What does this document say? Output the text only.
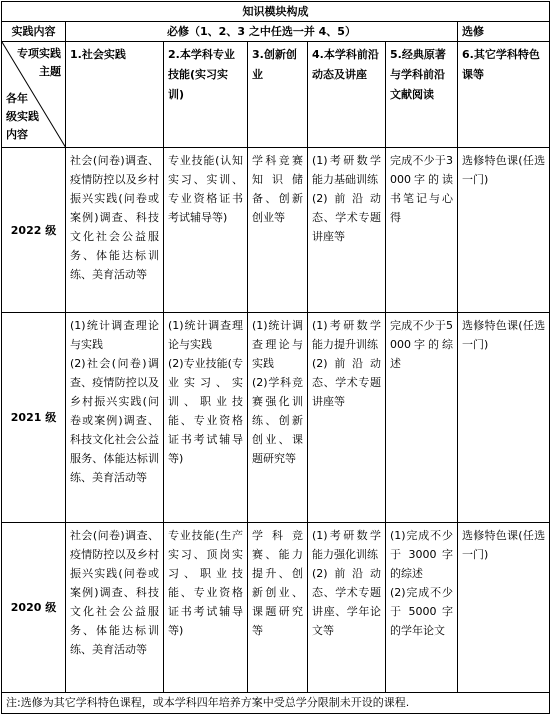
知识模块构成						
实践内容	必修（1、2、3 之中任选一并 4、5）					选修

专项实践
主题
各年
级实践
内容	1.社会实践	2.本学科专业技能(实习实训)	3.创新创业	4.本学科前沿动态及讲座	5.经典原著与学科前沿文献阅读	6.其它学科特色课等
2022 级	社会(问卷)调查、疫情防控以及乡村振兴实践(问卷或案例)调查、科技文化社会公益服务、体能达标训练、美育活动等	专业技能(认知实习、实训、专业资格证书考试辅导等)	学科竞赛知识储备、创新创业等	(1)考研数学能力基础训练
(2)前沿动态、学术专题讲座等	完成不少于3000字的读书笔记与心得	选修特色课(任选一门)
2021 级	(1)统计调查理论与实践
(2)社会(问卷)调查、疫情防控以及乡村振兴实践(问卷或案例)调查、科技文化社会公益服务、体能达标训练、美育活动等	(1)统计调查理论与实践
(2)专业技能(专业实习、实训、职业技能、专业资格证书考试辅导等)	(1)统计调查理论与实践
(2)学科竞赛强化训练、创新创业、课题研究等	(1)考研数学能力提升训练
(2)前沿动态、学术专题讲座等	完成不少于5000字的综述	选修特色课(任选一门)
2020 级	社会(问卷)调查、疫情防控以及乡村振兴实践(问卷或案例)调查、科技文化社会公益服务、体能达标训练、美育活动等	专业技能(生产实习、顶岗实习、职业技能、专业资格证书考试辅导等)	学科竞赛、能力提升、创新创业、课题研究等	(1)考研数学能力强化训练
(2)前沿动态、学术专题讲座、学年论文等	(1)完成不少于 3000 字的综述
(2)完成不少于 5000 字的学年论文	选修特色课(任选一门)
注:选修为其它学科特色课程，或本学科四年培养方案中受总学分限制未开设的课程.						
